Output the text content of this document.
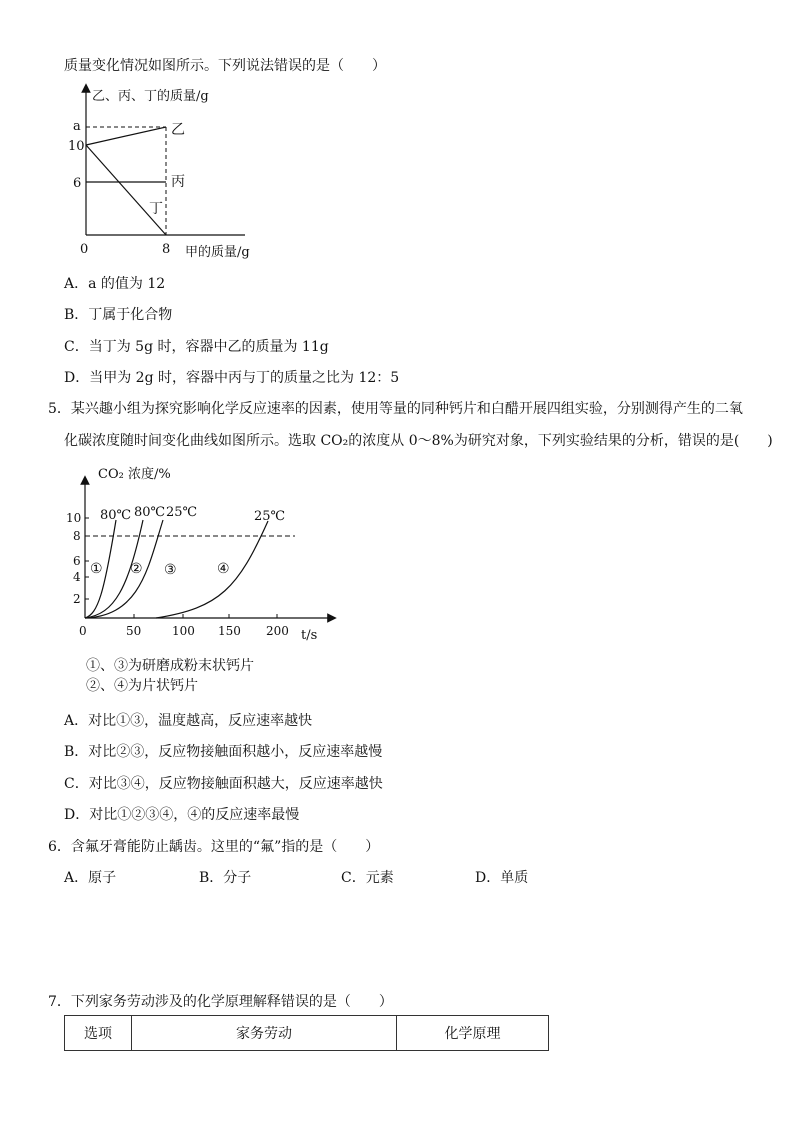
质量变化情况如图所示。下列说法错误的是（　　）
乙、丙、丁的质量/g
a
10
6
0	8 甲的质量/g
乙
丙
丁
A．a 的值为 12
B．丁属于化合物
C．当丁为 5g 时，容器中乙的质量为 11g
D．当甲为 2g 时，容器中丙与丁的质量之比为 12：5
5．某兴趣小组为探究影响化学反应速率的因素，使用等量的同种钙片和白醋开展四组实验，分别测得产生的二氧
化碳浓度随时间变化曲线如图所示。选取 CO₂的浓度从 0～8%为研究对象，下列实验结果的分析，错误的是(　　)
CO₂ 浓度/%
t/s
2
4
6
8
10
0	50	100 150 200
80℃ 80℃ 25℃	25℃
① ② ③	④
①、③为研磨成粉末状钙片
②、④为片状钙片
A．对比①③，温度越高，反应速率越快
B．对比②③，反应物接触面积越小，反应速率越慢
C．对比③④，反应物接触面积越大，反应速率越快
D．对比①②③④，④的反应速率最慢
6．含氟牙膏能防止龋齿。这里的“氟”指的是（　　）
A．原子	B．分子	C．元素	D．单质
7．下列家务劳动涉及的化学原理解释错误的是（　　）
选项	家务劳动	化学原理
